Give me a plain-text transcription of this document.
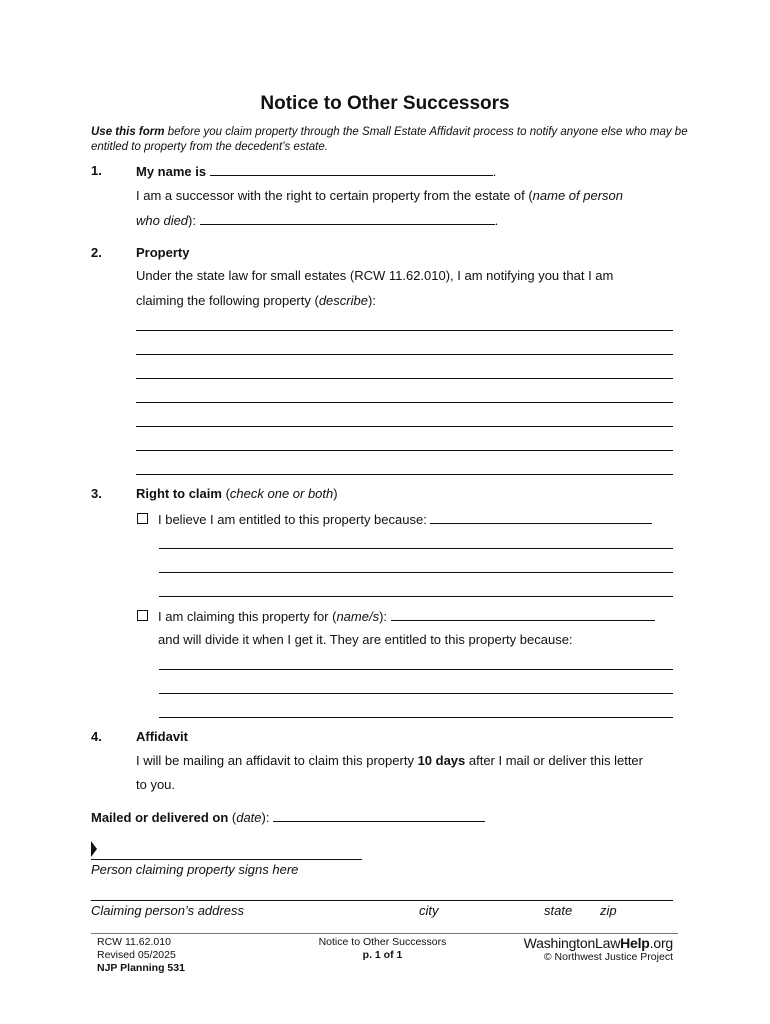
Notice to Other Successors
Use this form before you claim property through the Small Estate Affidavit process to notify anyone else who may be entitled to property from the decedent’s estate.
1.	My name is	.
I am a successor with the right to certain property from the estate of (name of person
who died):	.
2.	Property
Under the state law for small estates (RCW 11.62.010), I am notifying you that I am
claiming the following property (describe):
3.	Right to claim (check one or both)
I believe I am entitled to this property because:
I am claiming this property for (name/s):
and will divide it when I get it. They are entitled to this property because:
4.	Affidavit
I will be mailing an affidavit to claim this property 10 days after I mail or deliver this letter
to you.
Mailed or delivered on (date):
Person claiming property signs here
Claiming person’s address	city	state zip
RCW 11.62.010
Revised 05/2025
NJP Planning 531
Notice to Other Successors
p. 1 of 1
WashingtonLawHelp.org
© Northwest Justice Project
